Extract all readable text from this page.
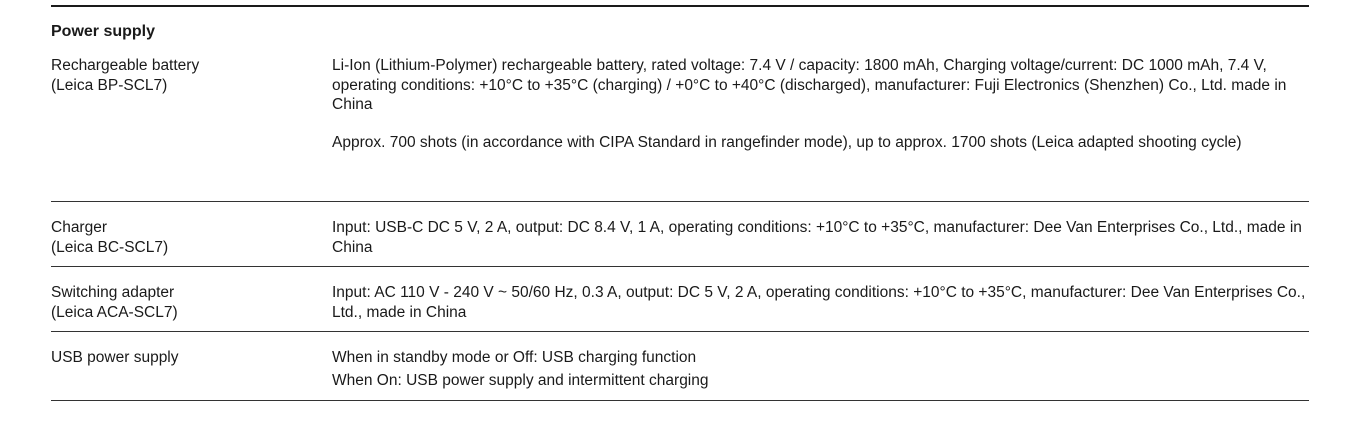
Power supply
Rechargeable battery
(Leica BP-SCL7)

Li-Ion (Lithium-Polymer) rechargeable battery, rated voltage: 7.4 V / capacity: 1800 mAh, Charging voltage/current: DC 1000 mAh, 7.4 V, operating conditions: +10°C to +35°C (charging) / +0°C to +40°C (discharged), manufacturer: Fuji Electronics (Shenzhen) Co., Ltd. made in China

Approx. 700 shots (in accordance with CIPA Standard in rangefinder mode), up to approx. 1700 shots (Leica adapted shooting cycle)

Charger
(Leica BC-SCL7)

Input: USB-C DC 5 V, 2 A, output: DC 8.4 V, 1 A, operating conditions: +10°C to +35°C, manufacturer: Dee Van Enterprises Co., Ltd., made in China

Switching adapter
(Leica ACA-SCL7)

Input: AC 110 V - 240 V ~ 50/60 Hz, 0.3 A, output: DC 5 V, 2 A, operating conditions: +10°C to +35°C, manufacturer: Dee Van Enterprises Co., Ltd., made in China

USB power supply	When in standby mode or Off: USB charging function
When On: USB power supply and intermittent charging
